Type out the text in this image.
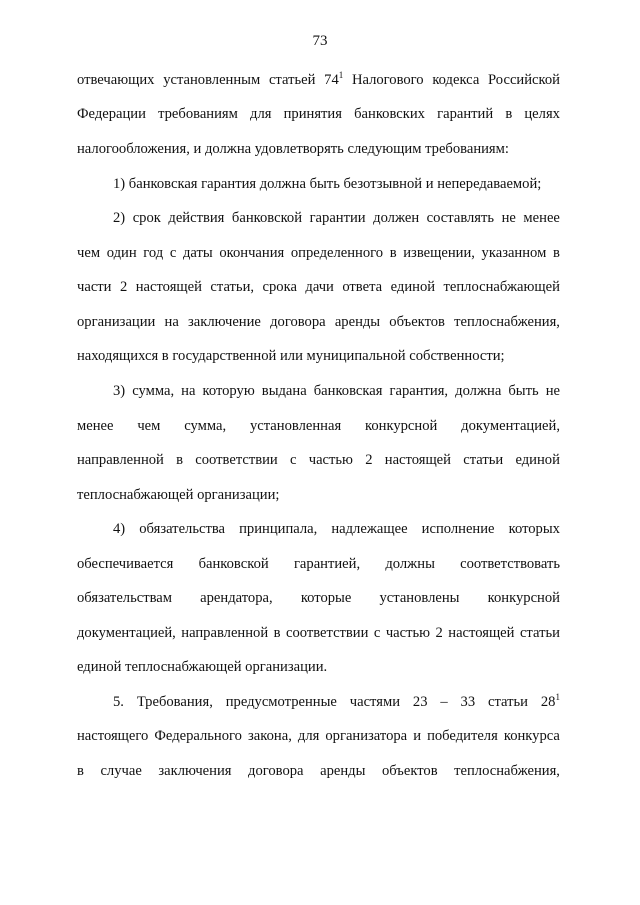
73
отвечающих установленным статьей $74^1$ Налогового кодекса Российской
Федерации требованиям для принятия банковских гарантий в целях
налогообложения, и должна удовлетворять следующим требованиям:
1) банковская гарантия должна быть безотзывной и непередаваемой;
2) срок действия банковской гарантии должен составлять не менее
чем один год с даты окончания определенного в извещении, указанном в
части 2 настоящей статьи, срока дачи ответа единой теплоснабжающей
организации на заключение договора аренды объектов теплоснабжения,
находящихся в государственной или муниципальной собственности;
3) сумма, на которую выдана банковская гарантия, должна быть не
менее чем сумма, установленная конкурсной документацией,
направленной в соответствии с частью 2 настоящей статьи единой
теплоснабжающей организации;
4) обязательства принципала, надлежащее исполнение которых
обеспечивается банковской гарантией, должны соответствовать
обязательствам арендатора, которые установлены конкурсной
документацией, направленной в соответствии с частью 2 настоящей статьи
единой теплоснабжающей организации.
5. Требования, предусмотренные частями 23 – 33 статьи $28^1$
настоящего Федерального закона, для организатора и победителя конкурса
в случае заключения договора аренды объектов теплоснабжения,
